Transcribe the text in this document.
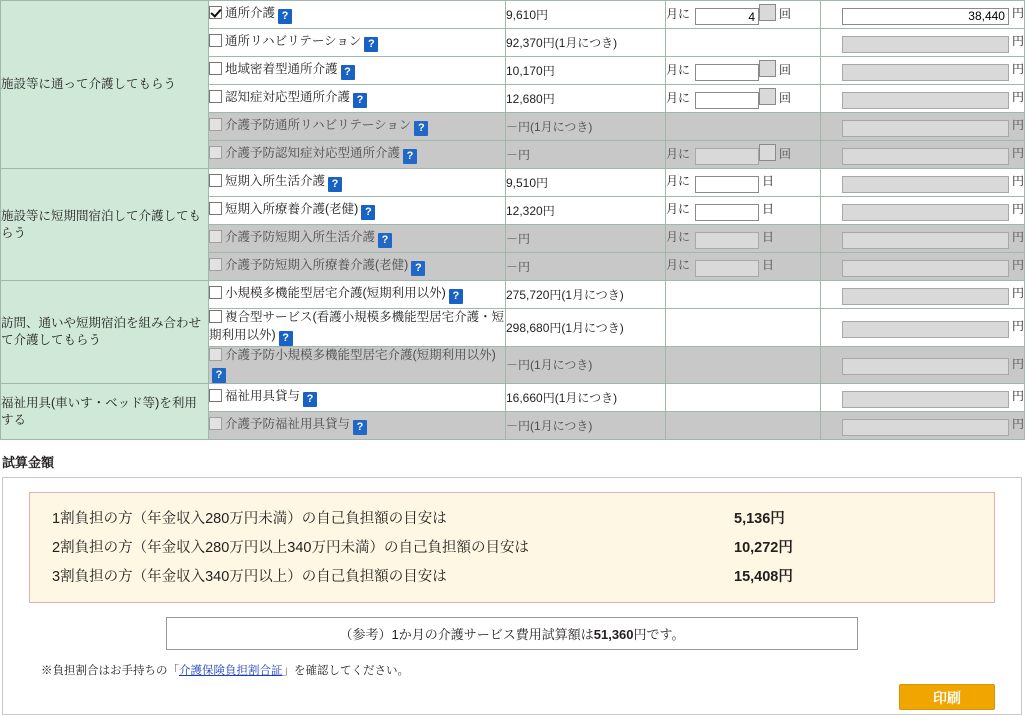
施設等に通って介護してもらう	通所介護 ?	9,610円	月に4 回	38,440円
	通所リハビリテーション ?	92,370円(1月につき)		円
	地域密着型通所介護 ?	10,170円	月に 回	円
	認知症対応型通所介護 ?	12,680円	月に 回	円
	介護予防通所リハビリテーション ?	－円(1月につき)		円
	介護予防認知症対応型通所介護 ?	－円	月に 回	円
施設等に短期間宿泊して介護してもらう	短期入所生活介護 ?	9,510円	月に 日	円
	短期入所療養介護(老健) ?	12,320円	月に 日	円
	介護予防短期入所生活介護 ?	－円	月に 日	円
	介護予防短期入所療養介護(老健) ?	－円	月に 日	円
訪問、通いや短期宿泊を組み合わせて介護してもらう	小規模多機能型居宅介護(短期利用以外) ?	275,720円(1月につき)		円
	複合型サービス(看護小規模多機能型居宅介護・短期利用以外) ?	298,680円(1月につき)		円
	介護予防小規模多機能型居宅介護(短期利用以外)?	－円(1月につき)		円
福祉用具(車いす・ベッド等)を利用する	福祉用具貸与 ?	16,660円(1月につき)		円
	介護予防福祉用具貸与 ?	－円(1月につき)		円
試算金額
1割負担の方（年金収入280万円未満）の自己負担額の目安は	5,136円
2割負担の方（年金収入280万円以上340万円未満）の自己負担額の目安は	10,272円
3割負担の方（年金収入340万円以上）の自己負担額の目安は	15,408円
（参考）1か月の介護サービス費用試算額は51,360円です。
※負担割合はお手持ちの「介護保険負担割合証」を確認してください。
印刷
